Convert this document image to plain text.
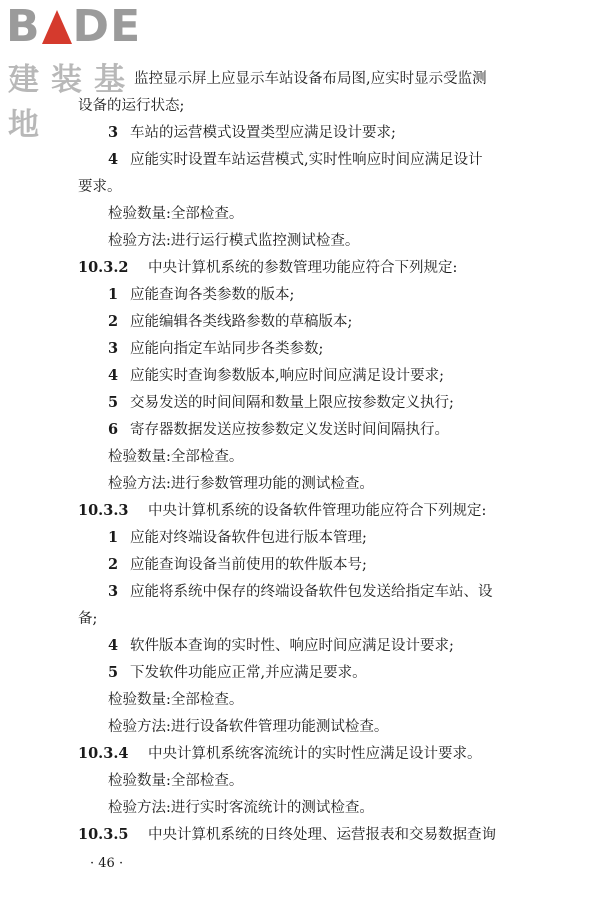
B DE
建装基地
监控显示屏上应显示车站设备布局图,应实时显示受监测
设备的运行状态;
3 车站的运营模式设置类型应满足设计要求;
4 应能实时设置车站运营模式,实时性响应时间应满足设计
要求。
检验数量:全部检查。
检验方法:进行运行模式监控测试检查。
10.3.2 中央计算机系统的参数管理功能应符合下列规定:
1 应能查询各类参数的版本;
2 应能编辑各类线路参数的草稿版本;
3 应能向指定车站同步各类参数;
4 应能实时查询参数版本,响应时间应满足设计要求;
5 交易发送的时间间隔和数量上限应按参数定义执行;
6 寄存器数据发送应按参数定义发送时间间隔执行。
检验数量:全部检查。
检验方法:进行参数管理功能的测试检查。
10.3.3 中央计算机系统的设备软件管理功能应符合下列规定:
1 应能对终端设备软件包进行版本管理;
2 应能查询设备当前使用的软件版本号;
3 应能将系统中保存的终端设备软件包发送给指定车站、设
备;
4 软件版本查询的实时性、响应时间应满足设计要求;
5 下发软件功能应正常,并应满足要求。
检验数量:全部检查。
检验方法:进行设备软件管理功能测试检查。
10.3.4 中央计算机系统客流统计的实时性应满足设计要求。
检验数量:全部检查。
检验方法:进行实时客流统计的测试检查。
10.3.5 中央计算机系统的日终处理、运营报表和交易数据查询
· 46 ·
